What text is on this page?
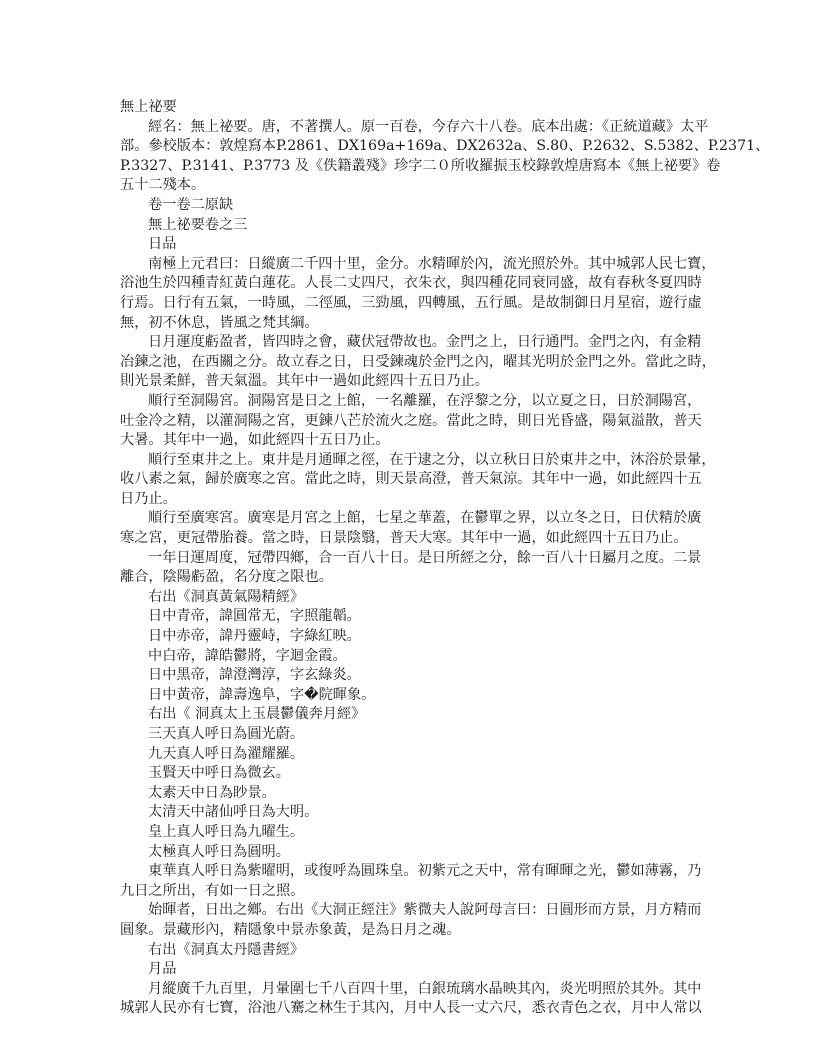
無上祕要
經名：無上祕要。唐，不著撰人。原一百卷，今存六十八卷。底本出處：《正統道藏》太平
部。參校版本：敦煌寫本P.2861、DX169a+169a、DX2632a、S.80、P.2632、S.5382、P.2371、
P.3327、P.3141、P.3773 及《佚籍叢殘》珍字二０所收羅振玉校錄敦煌唐寫本《無上祕要》卷
五十二殘本。
卷一卷二原缺
無上祕要卷之三
日品
南極上元君曰：日縱廣二千四十里，金分。水精暉於內，流光照於外。其中城郭人民七寶，
浴池生於四種青紅黃白蓮花。人長二丈四尺，衣朱衣，與四種花同衰同盛，故有春秋冬夏四時
行焉。日行有五氣，一時風，二徑風，三勁風，四轉風，五行風。是故制御日月星宿，遊行虛
無，初不休息，皆風之梵其綱。
日月運度虧盈者，皆四時之會，藏伏冠帶故也。金門之上，日行通門。金門之內，有金精
冶鍊之池，在西關之分。故立春之日，日受鍊魂於金門之內，曜其光明於金門之外。當此之時，
則光景柔鮮，普天氣溫。其年中一過如此經四十五日乃止。
順行至洞陽宮。洞陽宮是日之上館，一名離羅，在浮黎之分，以立夏之日，日於洞陽宮，
吐金冷之精，以灌洞陽之宮，更鍊八芒於流火之庭。當此之時，則日光昏盛，陽氣溢散，普天
大暑。其年中一過，如此經四十五日乃止。
順行至東井之上。東井是月通暉之徑，在于逮之分，以立秋日日於東井之中，沐浴於景暈，
收八素之氣，歸於廣寒之宮。當此之時，則天景高澄，普天氣涼。其年中一過，如此經四十五
日乃止。
順行至廣寒宮。廣寒是月宮之上館，七星之華蓋，在鬱單之界，以立冬之日，日伏精於廣
寒之宮，更冠帶胎養。當之時，日景陰翳，普天大寒。其年中一過，如此經四十五日乃止。
一年日運周度，冠帶四鄉，合一百八十日。是日所經之分，餘一百八十日屬月之度。二景
離合，陰陽虧盈，名分度之限也。
右出《洞真黃氣陽精經》
日中青帝，諱圓常无，字照龍韜。
日中赤帝，諱丹靈峙，字綠紅映。
中白帝，諱皓鬱將，字迴金霞。
日中黑帝，諱澄灣淳，字玄綠炎。
日中黃帝，諱壽逸阜，字�院暉象。
右出《 洞真太上玉晨鬱儀奔月經》
三天真人呼日為圓光蔚。
九天真人呼日為濯耀羅。
玉賢天中呼日為微玄。
太素天中日為眇景。
太清天中諸仙呼日為大明。
皇上真人呼日為九曜生。
太極真人呼日為圓明。
東華真人呼日為紫曜明，或復呼為圓珠皇。初紫元之天中，常有暉暉之光，鬱如薄霧，乃
九日之所出，有如一日之照。
始暉者，日出之鄉。右出《大洞正經注》紫微夫人說阿母言曰：日圓形而方景，月方精而
圓象。景藏形內，精隱象中景赤象黃，是為日月之魂。
右出《洞真太丹隱書經》
月品
月縱廣千九百里，月暈圍七千八百四十里，白銀琉璃水晶映其內，炎光明照於其外。其中
城郭人民亦有七寶，浴池八騫之林生于其內，月中人長一丈六尺，悉衣青色之衣，月中人常以
